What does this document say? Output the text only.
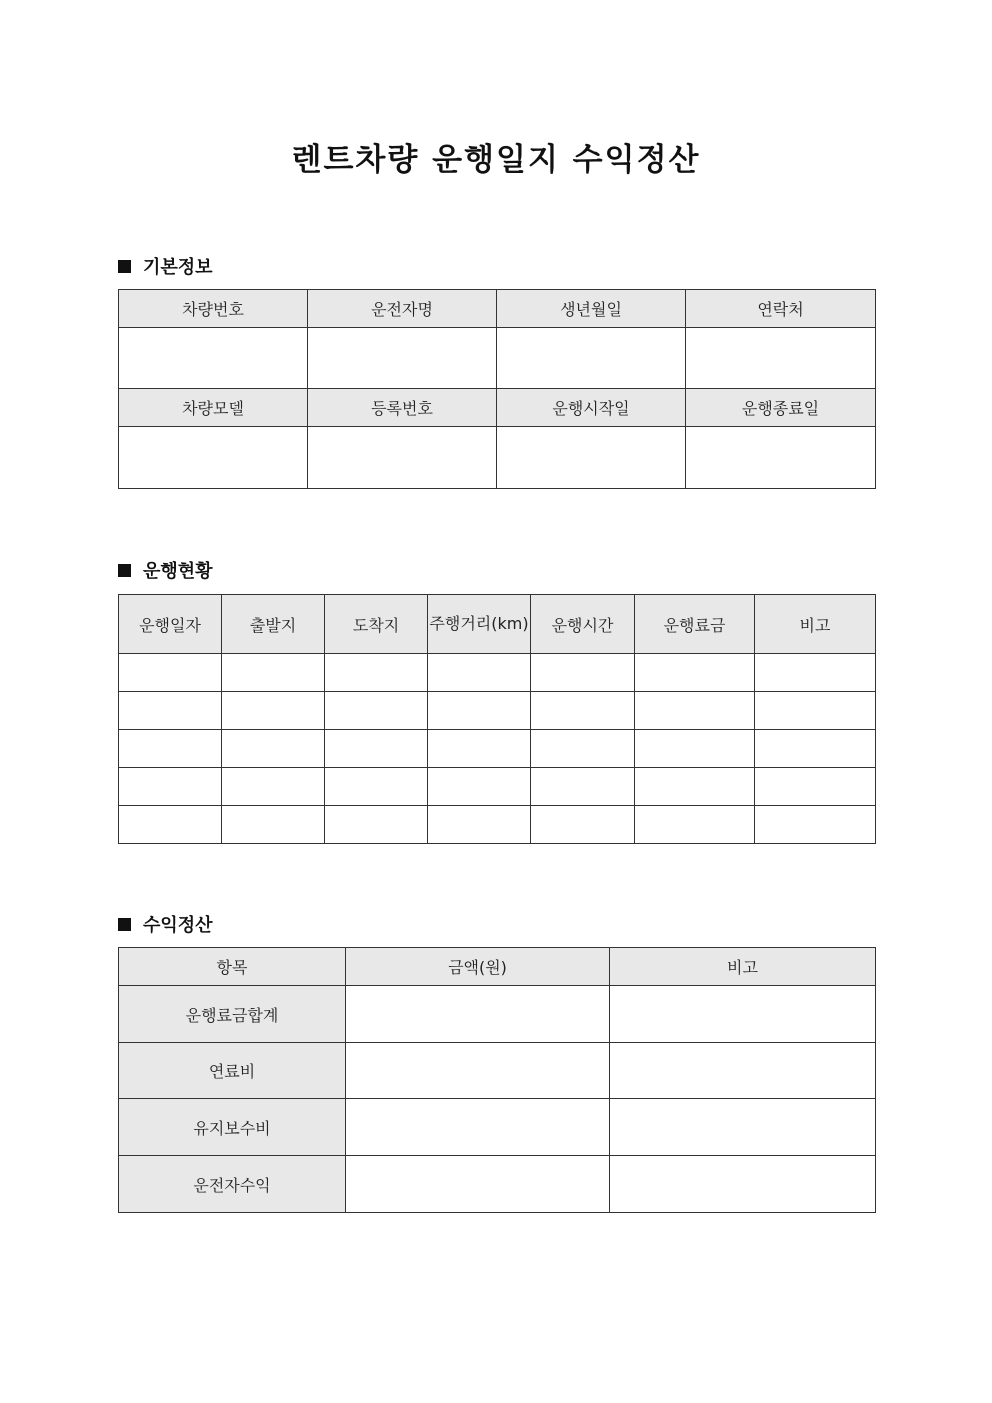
렌트차량 운행일지 수익정산
기본정보
차량번호	운전자명	생년월일	연락처

차량모델	등록번호	운행시작일	운행종료일

운행현황
운행일자	출발지	도착지	주행거리(km)	운행시간	운행료금	비고

수익정산
항목	금액(원)	비고
운행료금합계		
연료비		
유지보수비		
운전자수익		
